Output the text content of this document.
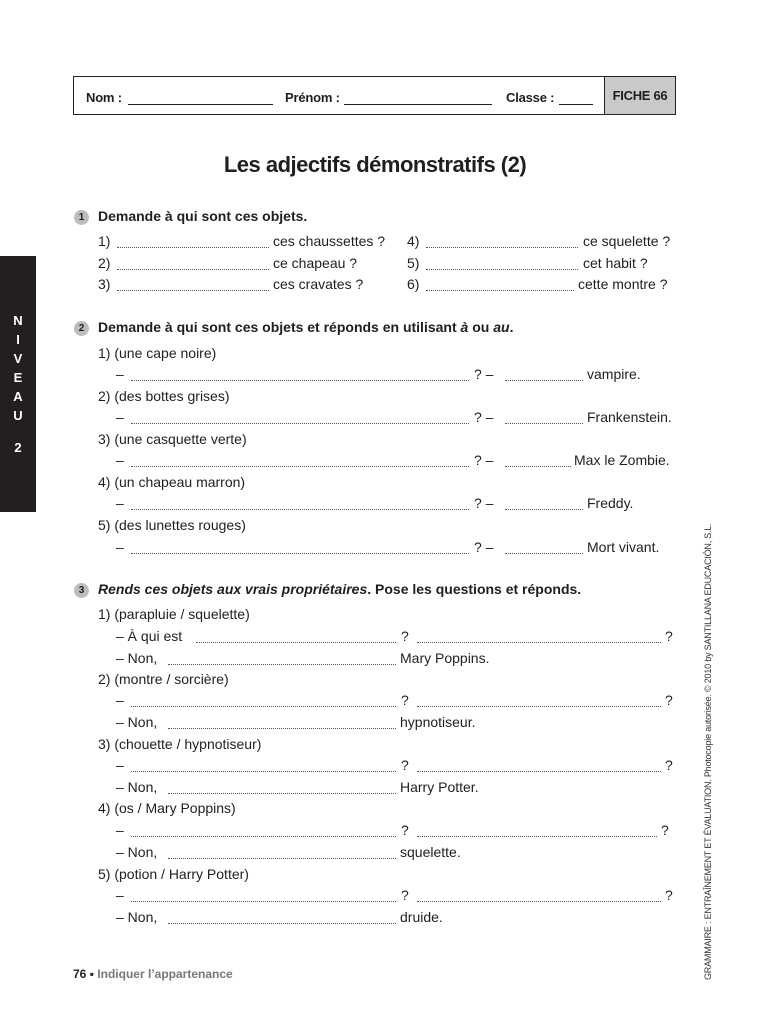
Nom :	Prénom :	Classe :	FICHE 66
Les adjectifs démonstratifs (2)
N
I
V
E
A
U
2
1 Demande à qui sont ces objets.
1)	ces chaussettes ?
2)	ce chapeau ?
3)	ces cravates ?
4)	ce squelette ?
5)	cet habit ?
6)	cette montre ?
2 Demande à qui sont ces objets et réponds en utilisant à ou au.
1) (une cape noire)
–	? –	vampire.
2) (des bottes grises)
–	? –	Frankenstein.
3) (une casquette verte)
–	? –	Max le Zombie.
4) (un chapeau marron)
–	? –	Freddy.
5) (des lunettes rouges)
–	? –	Mort vivant.
3 Rends ces objets aux vrais propriétaires. Pose les questions et réponds.
1) (parapluie / squelette)
– À qui est	?	?
– Non,	Mary Poppins.
2) (montre / sorcière)
–	?	?
– Non,	hypnotiseur.
3) (chouette / hypnotiseur)
–	?	?
– Non,	Harry Potter.
4) (os / Mary Poppins)
–	?	?
– Non,	squelette.
5) (potion / Harry Potter)
–	?	?
– Non,	druide.	GRAMMAIRE : ENTRAÎNEMENT ET ÉVALUATION. Photocopie autorisée. © 2010 by SANTILLANA EDUCACIÓN, S.L.
76 ▪ Indiquer l’appartenance
